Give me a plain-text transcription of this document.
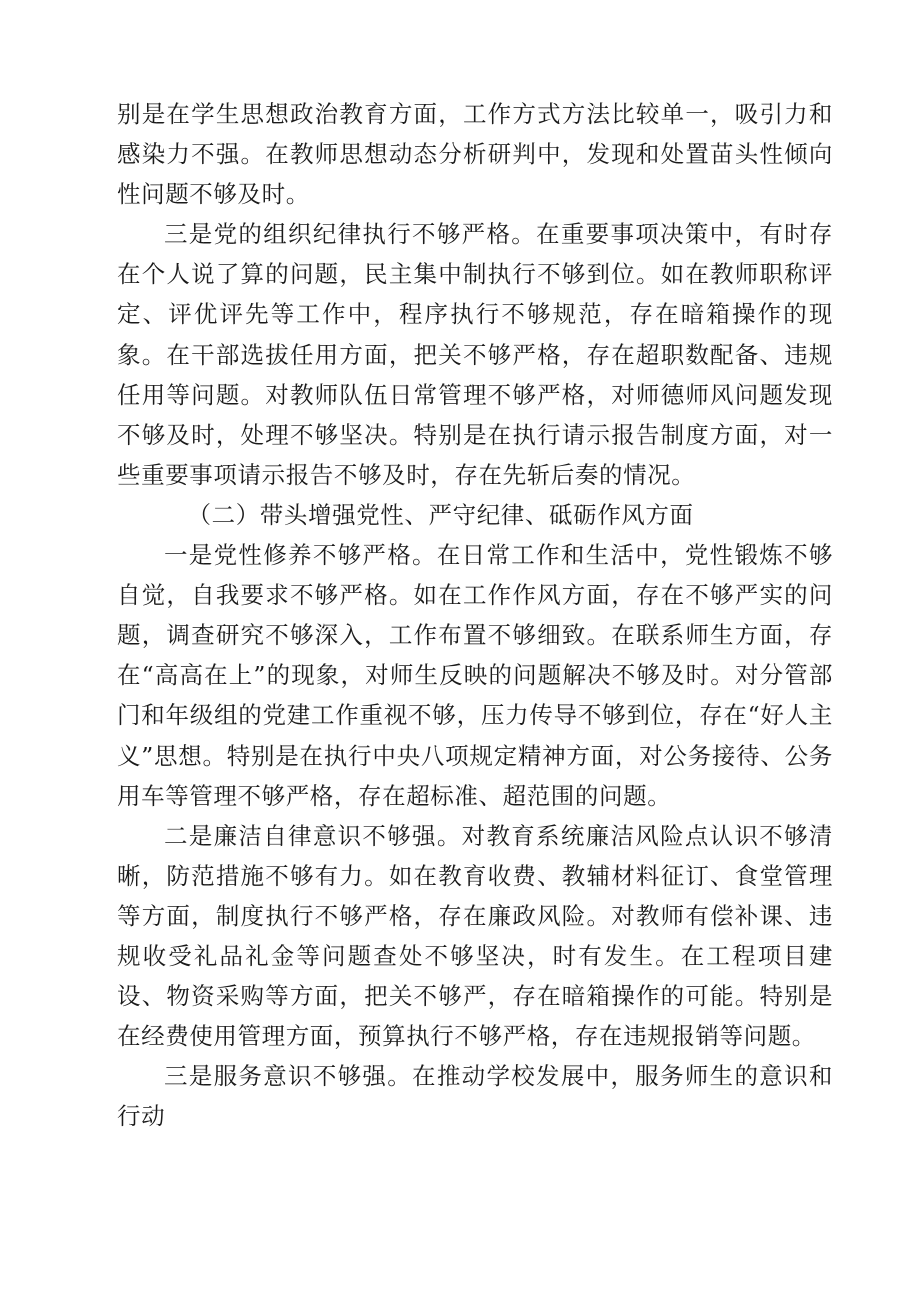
别是在学生思想政治教育方面，工作方式方法比较单一，吸引力和感染力不强。在教师思想动态分析研判中，发现和处置苗头性倾向性问题不够及时。

三是党的组织纪律执行不够严格。在重要事项决策中，有时存在个人说了算的问题，民主集中制执行不够到位。如在教师职称评定、评优评先等工作中，程序执行不够规范，存在暗箱操作的现象。在干部选拔任用方面，把关不够严格，存在超职数配备、违规任用等问题。对教师队伍日常管理不够严格，对师德师风问题发现不够及时，处理不够坚决。特别是在执行请示报告制度方面，对一些重要事项请示报告不够及时，存在先斩后奏的情况。

（二）带头增强党性、严守纪律、砥砺作风方面

一是党性修养不够严格。在日常工作和生活中，党性锻炼不够自觉，自我要求不够严格。如在工作作风方面，存在不够严实的问题，调查研究不够深入，工作布置不够细致。在联系师生方面，存在“高高在上”的现象，对师生反映的问题解决不够及时。对分管部门和年级组的党建工作重视不够，压力传导不够到位，存在“好人主义”思想。特别是在执行中央八项规定精神方面，对公务接待、公务用车等管理不够严格，存在超标准、超范围的问题。

二是廉洁自律意识不够强。对教育系统廉洁风险点认识不够清晰，防范措施不够有力。如在教育收费、教辅材料征订、食堂管理等方面，制度执行不够严格，存在廉政风险。对教师有偿补课、违规收受礼品礼金等问题查处不够坚决，时有发生。在工程项目建设、物资采购等方面，把关不够严，存在暗箱操作的可能。特别是在经费使用管理方面，预算执行不够严格，存在违规报销等问题。

三是服务意识不够强。在推动学校发展中，服务师生的意识和行动
